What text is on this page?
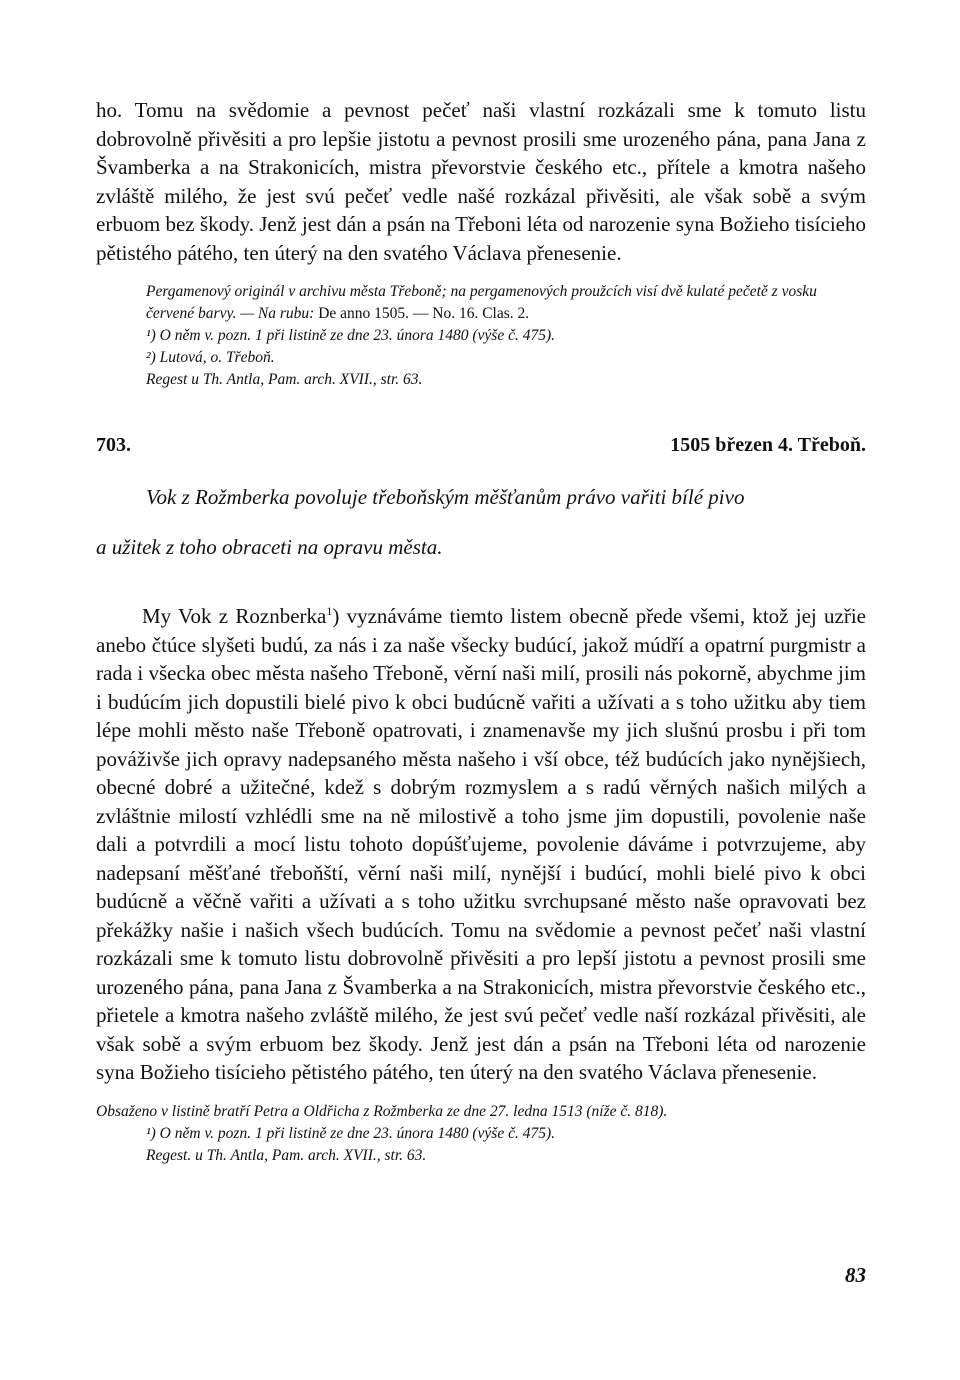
ho. Tomu na svědomie a pevnost pečeť naši vlastní rozkázali sme k tomuto listu dobrovolně přivěsiti a pro lepšie jistotu a pevnost prosili sme urozeného pána, pana Jana z Švamberka a na Strakonicích, mistra převorstvie českého etc., přítele a kmotra našeho zvláště milého, že jest svú pečeť vedle našé rozkázal přivěsiti, ale však sobě a svým erbuom bez škody. Jenž jest dán a psán na Třeboni léta od narozenie syna Božieho tisícieho pětistého pátého, ten úterý na den svatého Václava přenesenie.

Pergamenový originál v archivu města Třeboně; na pergamenových proužcích visí dvě kulaté pečetě z vosku červené barvy. — Na rubu: De anno 1505. — No. 16. Clas. 2.

¹) O něm v. pozn. 1 při listině ze dne 23. února 1480 (výše č. 475).

²) Lutová, o. Třeboň.

Regest u Th. Antla, Pam. arch. XVII., str. 63.

703.	1505 březen 4. Třeboň.

Vok z Rožmberka povoluje třeboňským měšťanům právo vařiti bílé pivo

a užitek z toho obraceti na opravu města.

My Vok z Roznberka$^1$) vyznáváme tiemto listem obecně přede všemi, ktož jej uzřie anebo čtúce slyšeti budú, za nás i za naše všecky budúcí, jakož múdří a opatrní purgmistr a rada i všecka obec města našeho Třeboně, věrní naši milí, prosili nás pokorně, abychme jim i budúcím jich dopustili bielé pivo k obci budúcně vařiti a užívati a s toho užitku aby tiem lépe mohli město naše Třeboně opatrovati, i znamenavše my jich slušnú prosbu i při tom pováživše jich opravy nadepsaného města našeho i vší obce, též budúcích jako nynějšiech, obecné dobré a užitečné, kdež s dobrým rozmyslem a s radú věrných našich milých a zvláštnie milostí vzhlédli sme na ně milostivě a toho jsme jim dopustili, povolenie naše dali a potvrdili a mocí listu tohoto dopúšťujeme, povolenie dáváme i potvrzujeme, aby nadepsaní měšťané třeboňští, věrní naši milí, nynější i budúcí, mohli bielé pivo k obci budúcně a věčně vařiti a užívati a s toho užitku svrchupsané město naše opravovati bez překážky našie i našich všech budúcích. Tomu na svědomie a pevnost pečeť naši vlastní rozkázali sme k tomuto listu dobrovolně přivěsiti a pro lepší jistotu a pevnost prosili sme urozeného pána, pana Jana z Švamberka a na Strakonicích, mistra převorstvie českého etc., přietele a kmotra našeho zvláště milého, že jest svú pečeť vedle naší rozkázal přivěsiti, ale však sobě a svým erbuom bez škody. Jenž jest dán a psán na Třeboni léta od narozenie syna Božieho tisícieho pětistého pátého, ten úterý na den svatého Václava přenesenie.

Obsaženo v listině bratří Petra a Oldřicha z Rožmberka ze dne 27. ledna 1513 (níže č. 818).

¹) O něm v. pozn. 1 při listině ze dne 23. února 1480 (výše č. 475).

Regest. u Th. Antla, Pam. arch. XVII., str. 63.

83
